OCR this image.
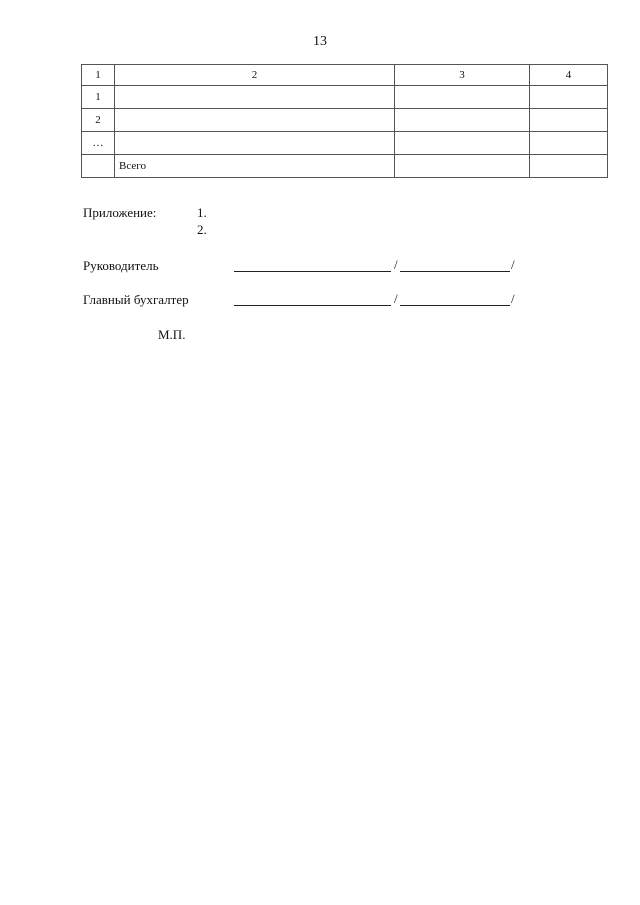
13
1	2	3	4
1			
2			
…			
	Всего		
Приложение:	1.
2.
Руководитель	/	/
Главный бухгалтер	/	/
М.П.
